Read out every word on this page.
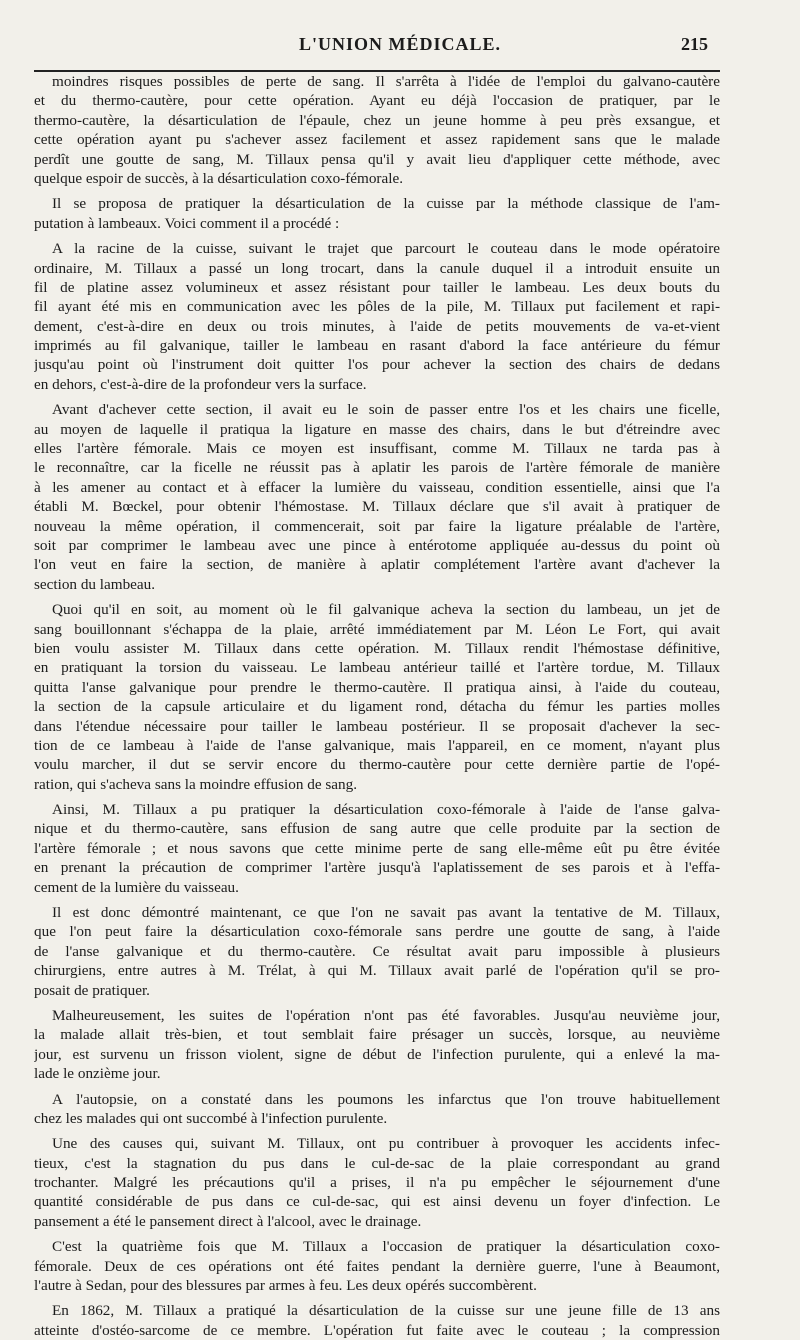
L'UNION MÉDICALE.	215
moindres risques possibles de perte de sang. Il s'arrêta à l'idée de l'emploi du galvano-cautère
et du thermo-cautère, pour cette opération. Ayant eu déjà l'occasion de pratiquer, par le
thermo-cautère, la désarticulation de l'épaule, chez un jeune homme à peu près exsangue, et
cette opération ayant pu s'achever assez facilement et assez rapidement sans que le malade
perdît une goutte de sang, M. Tillaux pensa qu'il y avait lieu d'appliquer cette méthode, avec
quelque espoir de succès, à la désarticulation coxo-fémorale.
Il se proposa de pratiquer la désarticulation de la cuisse par la méthode classique de l'am-
putation à lambeaux. Voici comment il a procédé :
A la racine de la cuisse, suivant le trajet que parcourt le couteau dans le mode opératoire
ordinaire, M. Tillaux a passé un long trocart, dans la canule duquel il a introduit ensuite un
fil de platine assez volumineux et assez résistant pour tailler le lambeau. Les deux bouts du
fil ayant été mis en communication avec les pôles de la pile, M. Tillaux put facilement et rapi-
dement, c'est-à-dire en deux ou trois minutes, à l'aide de petits mouvements de va-et-vient
imprimés au fil galvanique, tailler le lambeau en rasant d'abord la face antérieure du fémur
jusqu'au point où l'instrument doit quitter l'os pour achever la section des chairs de dedans
en dehors, c'est-à-dire de la profondeur vers la surface.
Avant d'achever cette section, il avait eu le soin de passer entre l'os et les chairs une ficelle,
au moyen de laquelle il pratiqua la ligature en masse des chairs, dans le but d'étreindre avec
elles l'artère fémorale. Mais ce moyen est insuffisant, comme M. Tillaux ne tarda pas à
le reconnaître, car la ficelle ne réussit pas à aplatir les parois de l'artère fémorale de manière
à les amener au contact et à effacer la lumière du vaisseau, condition essentielle, ainsi que l'a
établi M. Bœckel, pour obtenir l'hémostase. M. Tillaux déclare que s'il avait à pratiquer de
nouveau la même opération, il commencerait, soit par faire la ligature préalable de l'artère,
soit par comprimer le lambeau avec une pince à entérotome appliquée au-dessus du point où
l'on veut en faire la section, de manière à aplatir complétement l'artère avant d'achever la
section du lambeau.
Quoi qu'il en soit, au moment où le fil galvanique acheva la section du lambeau, un jet de
sang bouillonnant s'échappa de la plaie, arrêté immédiatement par M. Léon Le Fort, qui avait
bien voulu assister M. Tillaux dans cette opération. M. Tillaux rendit l'hémostase définitive,
en pratiquant la torsion du vaisseau. Le lambeau antérieur taillé et l'artère tordue, M. Tillaux
quitta l'anse galvanique pour prendre le thermo-cautère. Il pratiqua ainsi, à l'aide du couteau,
la section de la capsule articulaire et du ligament rond, détacha du fémur les parties molles
dans l'étendue nécessaire pour tailler le lambeau postérieur. Il se proposait d'achever la sec-
tion de ce lambeau à l'aide de l'anse galvanique, mais l'appareil, en ce moment, n'ayant plus
voulu marcher, il dut se servir encore du thermo-cautère pour cette dernière partie de l'opé-
ration, qui s'acheva sans la moindre effusion de sang.
Ainsi, M. Tillaux a pu pratiquer la désarticulation coxo-fémorale à l'aide de l'anse galva-
nique et du thermo-cautère, sans effusion de sang autre que celle produite par la section de
l'artère fémorale ; et nous savons que cette minime perte de sang elle-même eût pu être évitée
en prenant la précaution de comprimer l'artère jusqu'à l'aplatissement de ses parois et à l'effa-
cement de la lumière du vaisseau.
Il est donc démontré maintenant, ce que l'on ne savait pas avant la tentative de M. Tillaux,
que l'on peut faire la désarticulation coxo-fémorale sans perdre une goutte de sang, à l'aide
de l'anse galvanique et du thermo-cautère. Ce résultat avait paru impossible à plusieurs
chirurgiens, entre autres à M. Trélat, à qui M. Tillaux avait parlé de l'opération qu'il se pro-
posait de pratiquer.
Malheureusement, les suites de l'opération n'ont pas été favorables. Jusqu'au neuvième jour,
la malade allait très-bien, et tout semblait faire présager un succès, lorsque, au neuvième
jour, est survenu un frisson violent, signe de début de l'infection purulente, qui a enlevé la ma-
lade le onzième jour.
A l'autopsie, on a constaté dans les poumons les infarctus que l'on trouve habituellement
chez les malades qui ont succombé à l'infection purulente.
Une des causes qui, suivant M. Tillaux, ont pu contribuer à provoquer les accidents infec-
tieux, c'est la stagnation du pus dans le cul-de-sac de la plaie correspondant au grand
trochanter. Malgré les précautions qu'il a prises, il n'a pu empêcher le séjournement d'une
quantité considérable de pus dans ce cul-de-sac, qui est ainsi devenu un foyer d'infection. Le
pansement a été le pansement direct à l'alcool, avec le drainage.
C'est la quatrième fois que M. Tillaux a l'occasion de pratiquer la désarticulation coxo-
fémorale. Deux de ces opérations ont été faites pendant la dernière guerre, l'une à Beaumont,
l'autre à Sedan, pour des blessures par armes à feu. Les deux opérés succombèrent.
En 1862, M. Tillaux a pratiqué la désarticulation de la cuisse sur une jeune fille de 13 ans
atteinte d'ostéo-sarcome de ce membre. L'opération fut faite avec le couteau ; la compression
